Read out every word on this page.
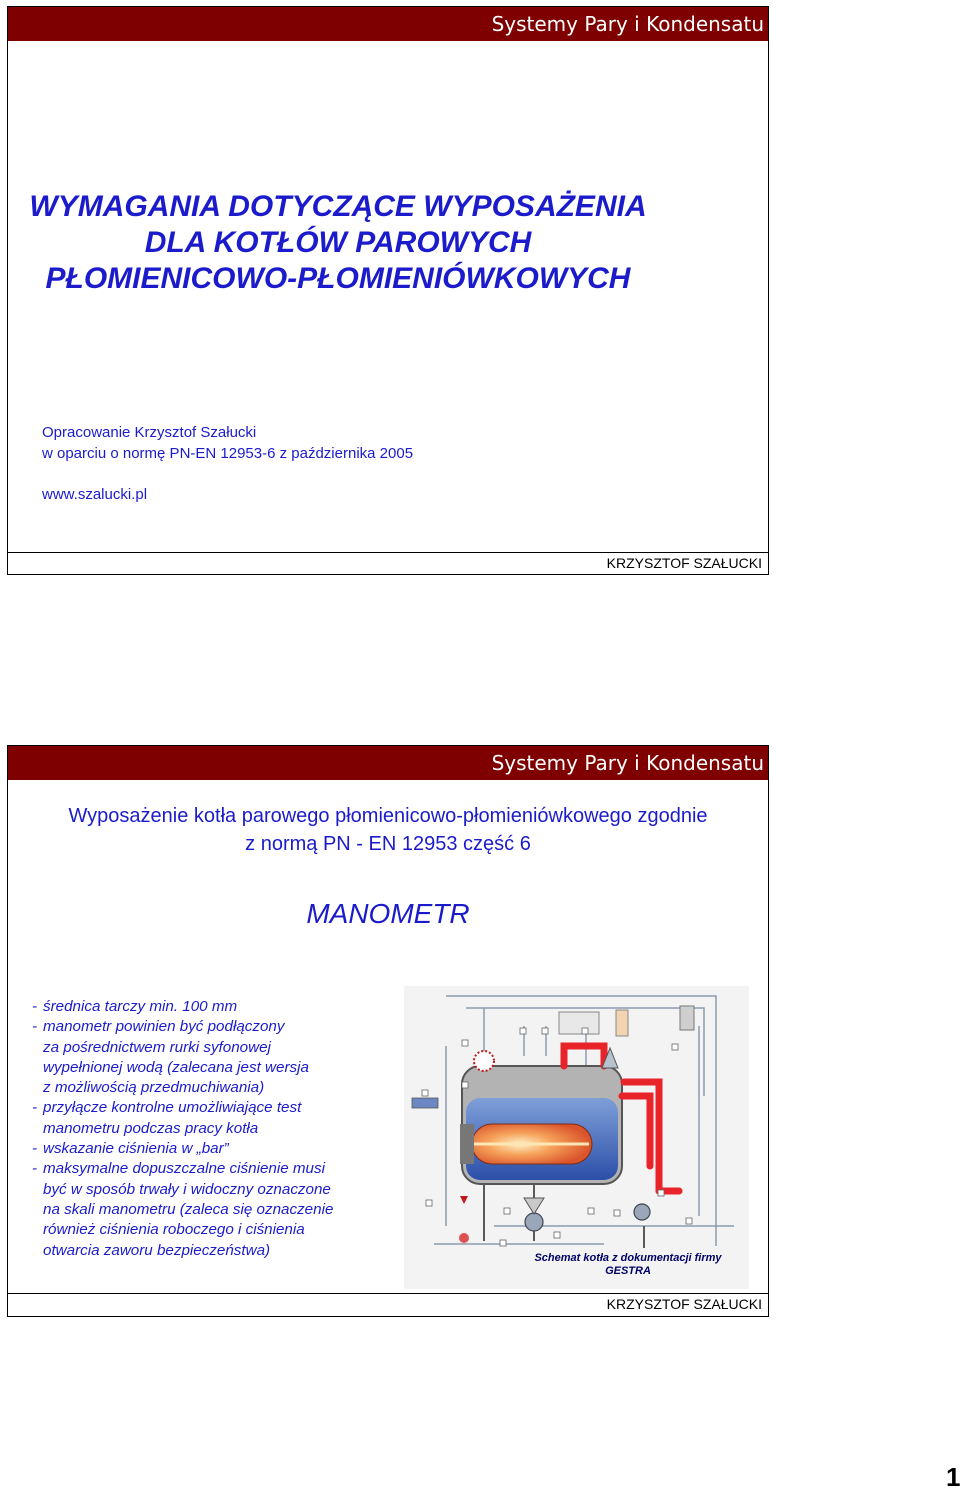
Systemy Pary i Kondensatu
WYMAGANIA DOTYCZĄCE WYPOSAŻENIA
DLA KOTŁÓW PAROWYCH
PŁOMIENICOWO-PŁOMIENIÓWKOWYCH
Opracowanie Krzysztof Szałucki
w oparciu o normę PN-EN 12953-6 z października 2005
www.szalucki.pl
KRZYSZTOF SZAŁUCKI
Systemy Pary i Kondensatu
Wyposażenie kotła parowego płomienicowo-płomieniówkowego zgodnie
z normą PN - EN 12953 część 6
MANOMETR
- średnica tarczy min. 100 mm
- manometr powinien być podłączony
za pośrednictwem rurki syfonowej
wypełnionej wodą (zalecana jest wersja
z możliwością przedmuchiwania)
- przyłącze kontrolne umożliwiające test
manometru podczas pracy kotła
- wskazanie ciśnienia w „bar”
- maksymalne dopuszczalne ciśnienie musi
być w sposób trwały i widoczny oznaczone
na skali manometru (zaleca się oznaczenie
również ciśnienia roboczego i ciśnienia
otwarcia zaworu bezpieczeństwa)	Schemat kotła z dokumentacji firmy
GESTRA
KRZYSZTOF SZAŁUCKI
1
